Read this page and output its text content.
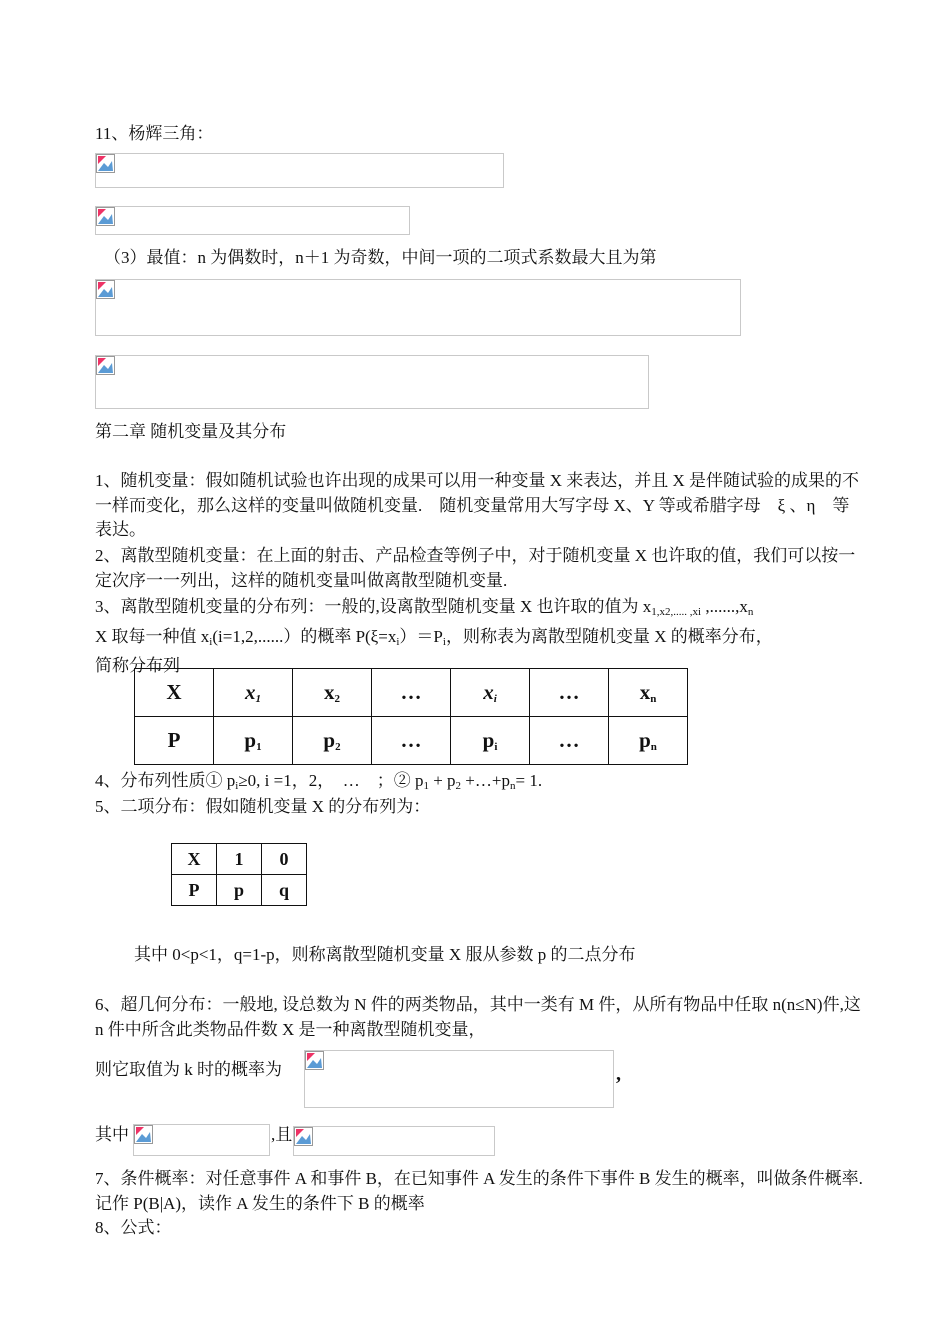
11、杨辉三角：
（3）最值：n 为偶数时，n＋1 为奇数，中间一项的二项式系数最大且为第
第二章 随机变量及其分布
1、随机变量：假如随机试验也许出现的成果可以用一种变量 X 来表达，并且 X 是伴随试验的成果的不一样而变化，那么这样的变量叫做随机变量.　随机变量常用大写字母 X、Y 等或希腊字母　ξ 、η　等表达。
2、离散型随机变量：在上面的射击、产品检查等例子中，对于随机变量 X 也许取的值，我们可以按一定次序一一列出，这样的随机变量叫做离散型随机变量.
3、离散型随机变量的分布列：一般的,设离散型随机变量 X 也许取的值为 $x_{1,x2,..... ,xi}$ $,......,x_n$
X 取每一种值 $x_i(i=1,2,......)$的概率 $P(\xi=x_i)=P_i$，则称表为离散型随机变量 X 的概率分布，
简称分布列
X	$x_1$	$x_2$	…	$x_i$	…	$x_n$
P	$p_1$	$p_2$	…	$p_i$	…	$p_n$
4、分布列性质① $p_i\ge 0$, i =1，2，　…　；② $p_1 + p_2$ $+\dots+p_n= 1$.
5、二项分布：假如随机变量 X 的分布列为：
X	1	0
P	p	q
其中 0<p<1，q=1-p，则称离散型随机变量 X 服从参数 p 的二点分布
6、超几何分布：一般地, 设总数为 N 件的两类物品，其中一类有 M 件，从所有物品中任取 n(n≤N)件,这 n 件中所含此类物品件数 X 是一种离散型随机变量，
则它取值为 k 时的概率为	,
其中	,且
7、条件概率：对任意事件 A 和事件 B，在已知事件 A 发生的条件下事件 B 发生的概率，叫做条件概率.记作 P(B|A)，读作 A 发生的条件下 B 的概率
8、公式：
